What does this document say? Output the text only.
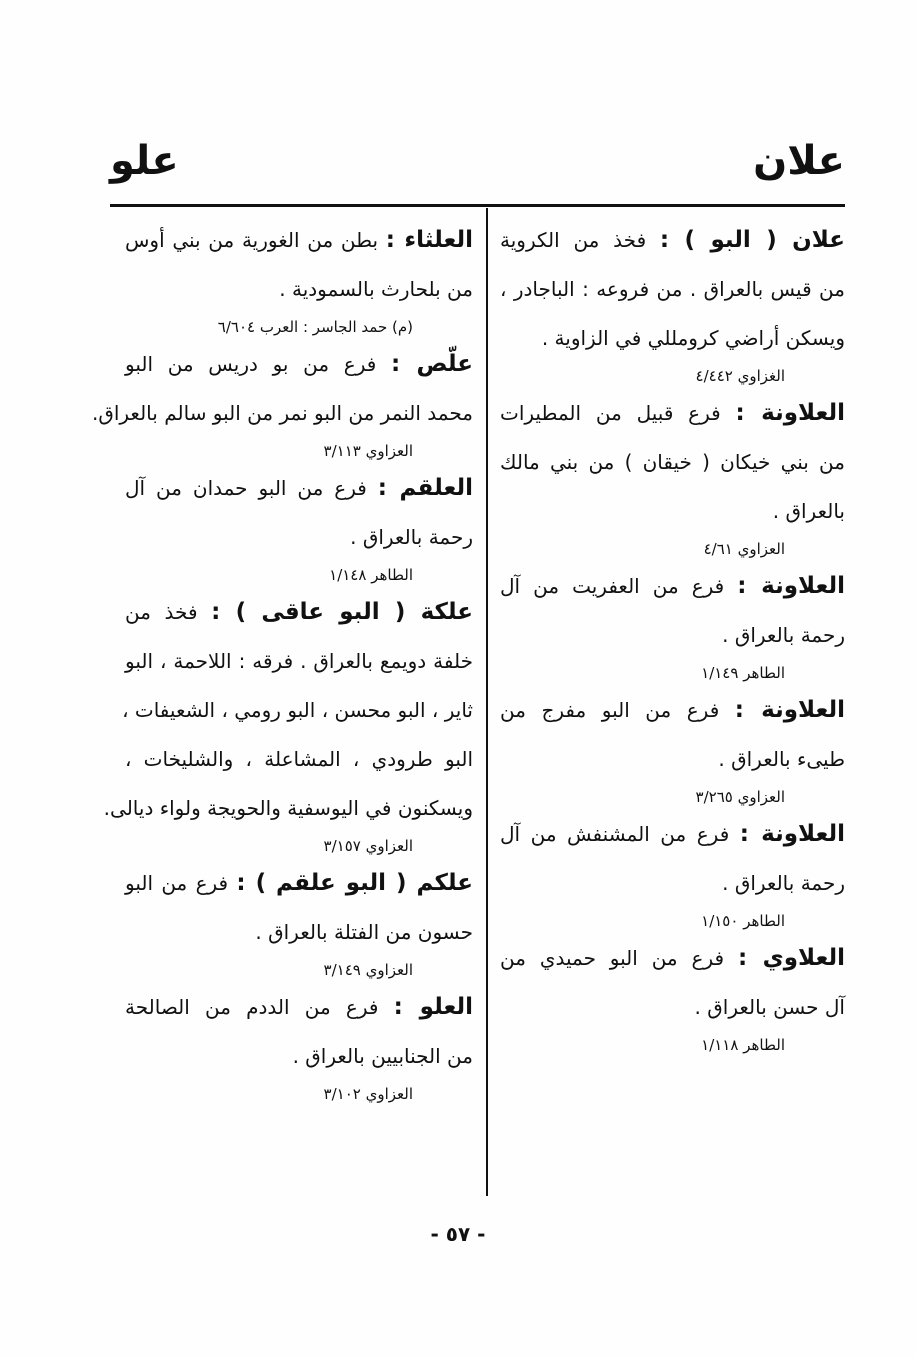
علان
علو
علان ( البو ) : فخذ من الكروية
من قيس بالعراق . من فروعه : الباجادر ،
ويسكن أراضي كرومللي في الزاوية .
الغزاوي ٤/٤٤٢
العلاونة : فرع قبيل من المطيرات
من بني خيكان ( خيقان ) من بني مالك
بالعراق .
العزاوي ٤/٦١
العلاونة : فرع من العفريت من آل
رحمة بالعراق .
الطاهر ١/١٤٩
العلاونة : فرع من البو مفرج من
طيىء بالعراق .
العزاوي ٣/٢٦٥
العلاونة : فرع من المشنفش من آل
رحمة بالعراق .
الطاهر ١/١٥٠
العلاوي : فرع من البو حميدي من
آل حسن بالعراق .
الطاهر ١/١١٨
العلثاء : بطن من الغورية من بني أوس
من بلحارث بالسمودية .
(م) حمد الجاسر : العرب ٦/٦٠٤
علّص : فرع من بو دريس من البو
محمد النمر من البو نمر من البو سالم بالعراق.
العزاوي ٣/١١٣
العلقم : فرع من البو حمدان من آل
رحمة بالعراق .
الطاهر ١/١٤٨
علكة ( البو عاقى ) : فخذ من
خلفة دويمع بالعراق . فرقه : اللاحمة ، البو
ثاير ، البو محسن ، البو رومي ، الشعيفات ،
البو طرودي ، المشاعلة ، والشليخات ،
ويسكنون في اليوسفية والحويجة ولواء ديالى.
العزاوي ٣/١٥٧
علكم ( البو علقم ) : فرع من البو
حسون من الفتلة بالعراق .
العزاوي ٣/١٤٩
العلو : فرع من الددم من الصالحة
من الجنابيين بالعراق .
العزاوي ٣/١٠٢
- ٥٧ -
